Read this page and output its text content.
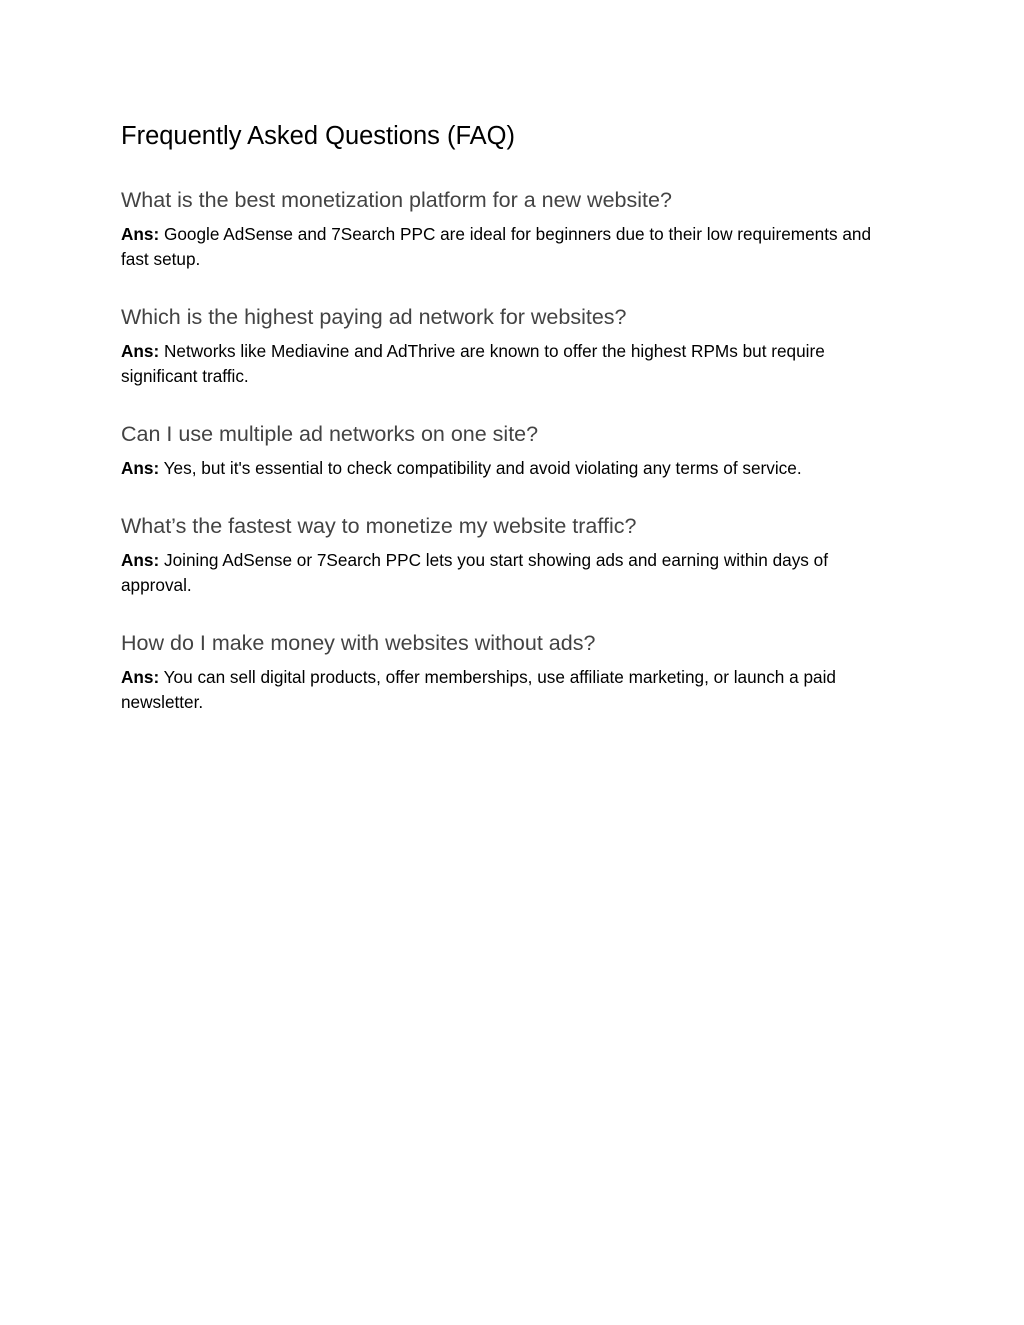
Frequently Asked Questions (FAQ)
What is the best monetization platform for a new website?

Ans: Google AdSense and 7Search PPC are ideal for beginners due to their low requirements and fast setup.

Which is the highest paying ad network for websites?

Ans: Networks like Mediavine and AdThrive are known to offer the highest RPMs but require significant traffic.

Can I use multiple ad networks on one site?

Ans: Yes, but it's essential to check compatibility and avoid violating any terms of service.

What’s the fastest way to monetize my website traffic?

Ans: Joining AdSense or 7Search PPC lets you start showing ads and earning within days of approval.

How do I make money with websites without ads?

Ans: You can sell digital products, offer memberships, use affiliate marketing, or launch a paid newsletter.
